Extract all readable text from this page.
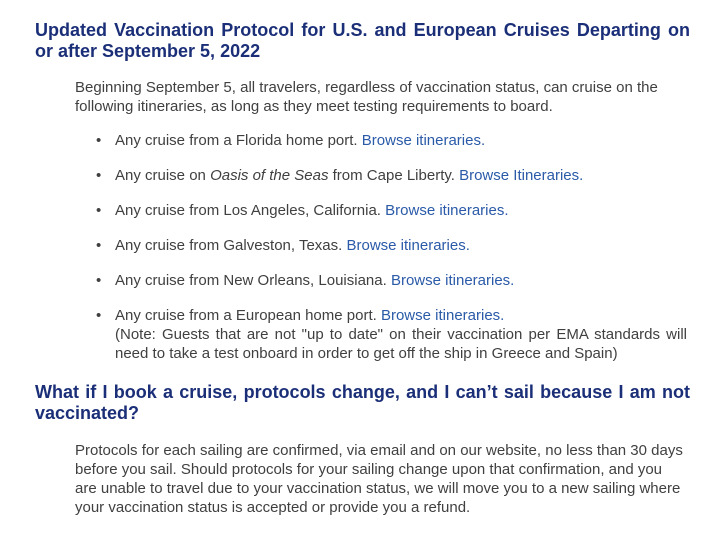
Updated Vaccination Protocol for U.S. and European Cruises Departing on or after September 5, 2022

Beginning September 5, all travelers, regardless of vaccination status, can cruise on the following itineraries, as long as they meet testing requirements to board.

• Any cruise from a Florida home port. Browse itineraries.
• Any cruise on Oasis of the Seas from Cape Liberty. Browse Itineraries.
• Any cruise from Los Angeles, California. Browse itineraries.
• Any cruise from Galveston, Texas. Browse itineraries.
• Any cruise from New Orleans, Louisiana. Browse itineraries.
• Any cruise from a European home port. Browse itineraries.
(Note: Guests that are not "up to date" on their vaccination per EMA standards will need to take a test onboard in order to get off the ship in Greece and Spain)
What if I book a cruise, protocols change, and I can’t sail because I am not vaccinated?

Protocols for each sailing are confirmed, via email and on our website, no less than 30 days before you sail. Should protocols for your sailing change upon that confirmation, and you are unable to travel due to your vaccination status, we will move you to a new sailing where your vaccination status is accepted or provide you a refund.
